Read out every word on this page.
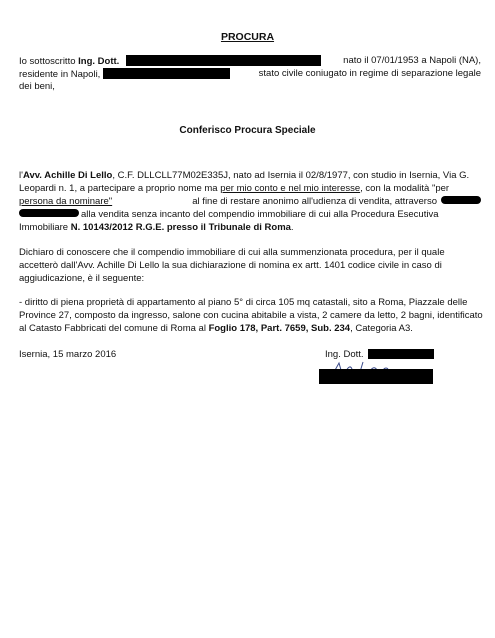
PROCURA
Io sottoscritto Ing. Dott.	nato il 07/01/1953 a Napoli (NA),
residente in Napoli,	stato civile coniugato in regime di separazione legale
dei beni,
Conferisco Procura Speciale
l'Avv. Achille Di Lello, C.F. DLLCLL77M02E335J, nato ad Isernia il 02/8/1977, con studio in Isernia, Via G.
Leopardi n. 1, a partecipare a proprio nome ma per mio conto e nel mio interesse, con la modalità "per
persona da nominare"	al fine di restare anonimo all'udienza di vendita, attraverso
alla vendita senza incanto del compendio immobiliare di cui alla Procedura Esecutiva
Immobiliare N. 10143/2012 R.G.E. presso il Tribunale di Roma.
Dichiaro di conoscere che il compendio immobiliare di cui alla summenzionata procedura, per il quale
accetterò dall'Avv. Achille Di Lello la sua dichiarazione di nomina ex artt. 1401 codice civile in caso di
aggiudicazione, è il seguente:
- diritto di piena proprietà di appartamento al piano 5° di circa 105 mq catastali, sito a Roma, Piazzale delle
Province 27, composto da ingresso, salone con cucina abitabile a vista, 2 camere da letto, 2 bagni, identificato
al Catasto Fabbricati del comune di Roma al Foglio 178, Part. 7659, Sub. 234, Categoria A3.
Isernia, 15 marzo 2016	Ing. Dott.
